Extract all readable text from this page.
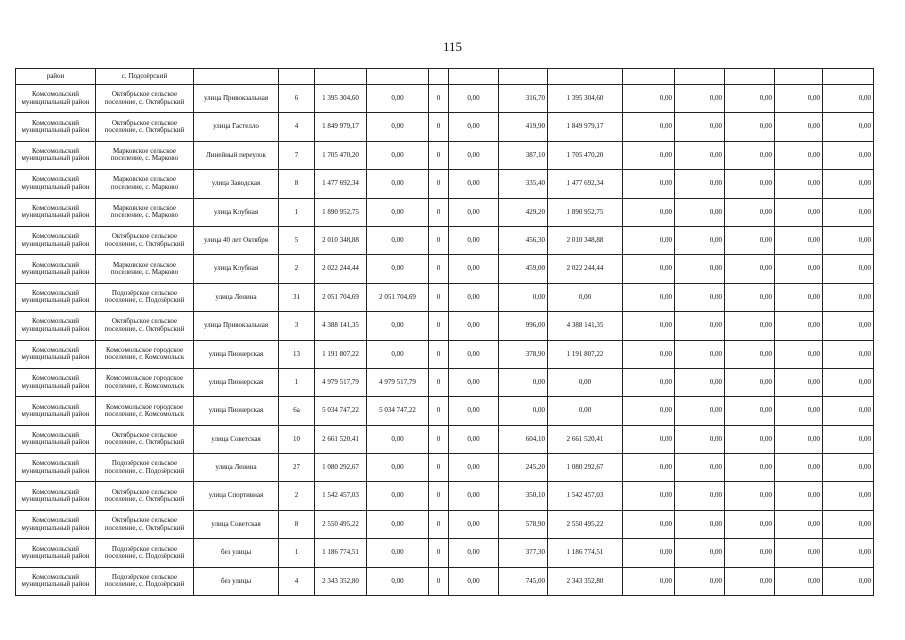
115
район	с. Подозёрский													
Комсомольский муниципальный район	Октябрьское сельское поселение, с. Октябрьский	улица Привокзальная	6	1 395 304,60	0,00	0	0,00	316,70	1 395 304,60	0,00	0,00	0,00	0,00	0,00
Комсомольский муниципальный район	Октябрьское сельское поселение, с. Октябрьский	улица Гастелло	4	1 849 979,17	0,00	0	0,00	419,90	1 849 979,17	0,00	0,00	0,00	0,00	0,00
Комсомольский муниципальный район	Марковское сельское поселение, с. Марково	Линейный переулок	7	1 705 470,20	0,00	0	0,00	387,10	1 705 470,20	0,00	0,00	0,00	0,00	0,00
Комсомольский муниципальный район	Марковское сельское поселение, с. Марково	улица Заводская	8	1 477 692,34	0,00	0	0,00	335,40	1 477 692,34	0,00	0,00	0,00	0,00	0,00
Комсомольский муниципальный район	Марковское сельское поселение, с. Марково	улица Клубная	1	1 890 952,75	0,00	0	0,00	429,20	1 890 952,75	0,00	0,00	0,00	0,00	0,00
Комсомольский муниципальный район	Октябрьское сельское поселение, с. Октябрьский	улица 40 лет Октября	5	2 010 348,88	0,00	0	0,00	456,30	2 010 348,88	0,00	0,00	0,00	0,00	0,00
Комсомольский муниципальный район	Марковское сельское поселение, с. Марково	улица Клубная	2	2 022 244,44	0,00	0	0,00	459,00	2 022 244,44	0,00	0,00	0,00	0,00	0,00
Комсомольский муниципальный район	Подозёрское сельское поселение, с. Подозёрский	улица Ленина	31	2 051 704,69	2 051 704,69	0	0,00	0,00	0,00	0,00	0,00	0,00	0,00	0,00
Комсомольский муниципальный район	Октябрьское сельское поселение, с. Октябрьский	улица Привокзальная	3	4 388 141,35	0,00	0	0,00	996,00	4 388 141,35	0,00	0,00	0,00	0,00	0,00
Комсомольский муниципальный район	Комсомольское городское поселение, г. Комсомольск	улица Пионерская	13	1 191 807,22	0,00	0	0,00	378,90	1 191 807,22	0,00	0,00	0,00	0,00	0,00
Комсомольский муниципальный район	Комсомольское городское поселение, г. Комсомольск	улица Пионерская	1	4 979 517,79	4 979 517,79	0	0,00	0,00	0,00	0,00	0,00	0,00	0,00	0,00
Комсомольский муниципальный район	Комсомольское городское поселение, г. Комсомольск	улица Пионерская	6а	5 034 747,22	5 034 747,22	0	0,00	0,00	0,00	0,00	0,00	0,00	0,00	0,00
Комсомольский муниципальный район	Октябрьское сельское поселение, с. Октябрьский	улица Советская	10	2 661 520,41	0,00	0	0,00	604,10	2 661 520,41	0,00	0,00	0,00	0,00	0,00
Комсомольский муниципальный район	Подозёрское сельское поселение, с. Подозёрский	улица Ленина	27	1 080 292,67	0,00	0	0,00	245,20	1 080 292,67	0,00	0,00	0,00	0,00	0,00
Комсомольский муниципальный район	Октябрьское сельское поселение, с. Октябрьский	улица Спортивная	2	1 542 457,03	0,00	0	0,00	350,10	1 542 457,03	0,00	0,00	0,00	0,00	0,00
Комсомольский муниципальный район	Октябрьское сельское поселение, с. Октябрьский	улица Советская	8	2 550 495,22	0,00	0	0,00	578,90	2 550 495,22	0,00	0,00	0,00	0,00	0,00
Комсомольский муниципальный район	Подозёрское сельское поселение, с. Подозёрский	без улицы	1	1 186 774,51	0,00	0	0,00	377,30	1 186 774,51	0,00	0,00	0,00	0,00	0,00
Комсомольский муниципальный район	Подозёрское сельское поселение, с. Подозёрский	без улицы	4	2 343 352,80	0,00	0	0,00	745,00	2 343 352,80	0,00	0,00	0,00	0,00	0,00
